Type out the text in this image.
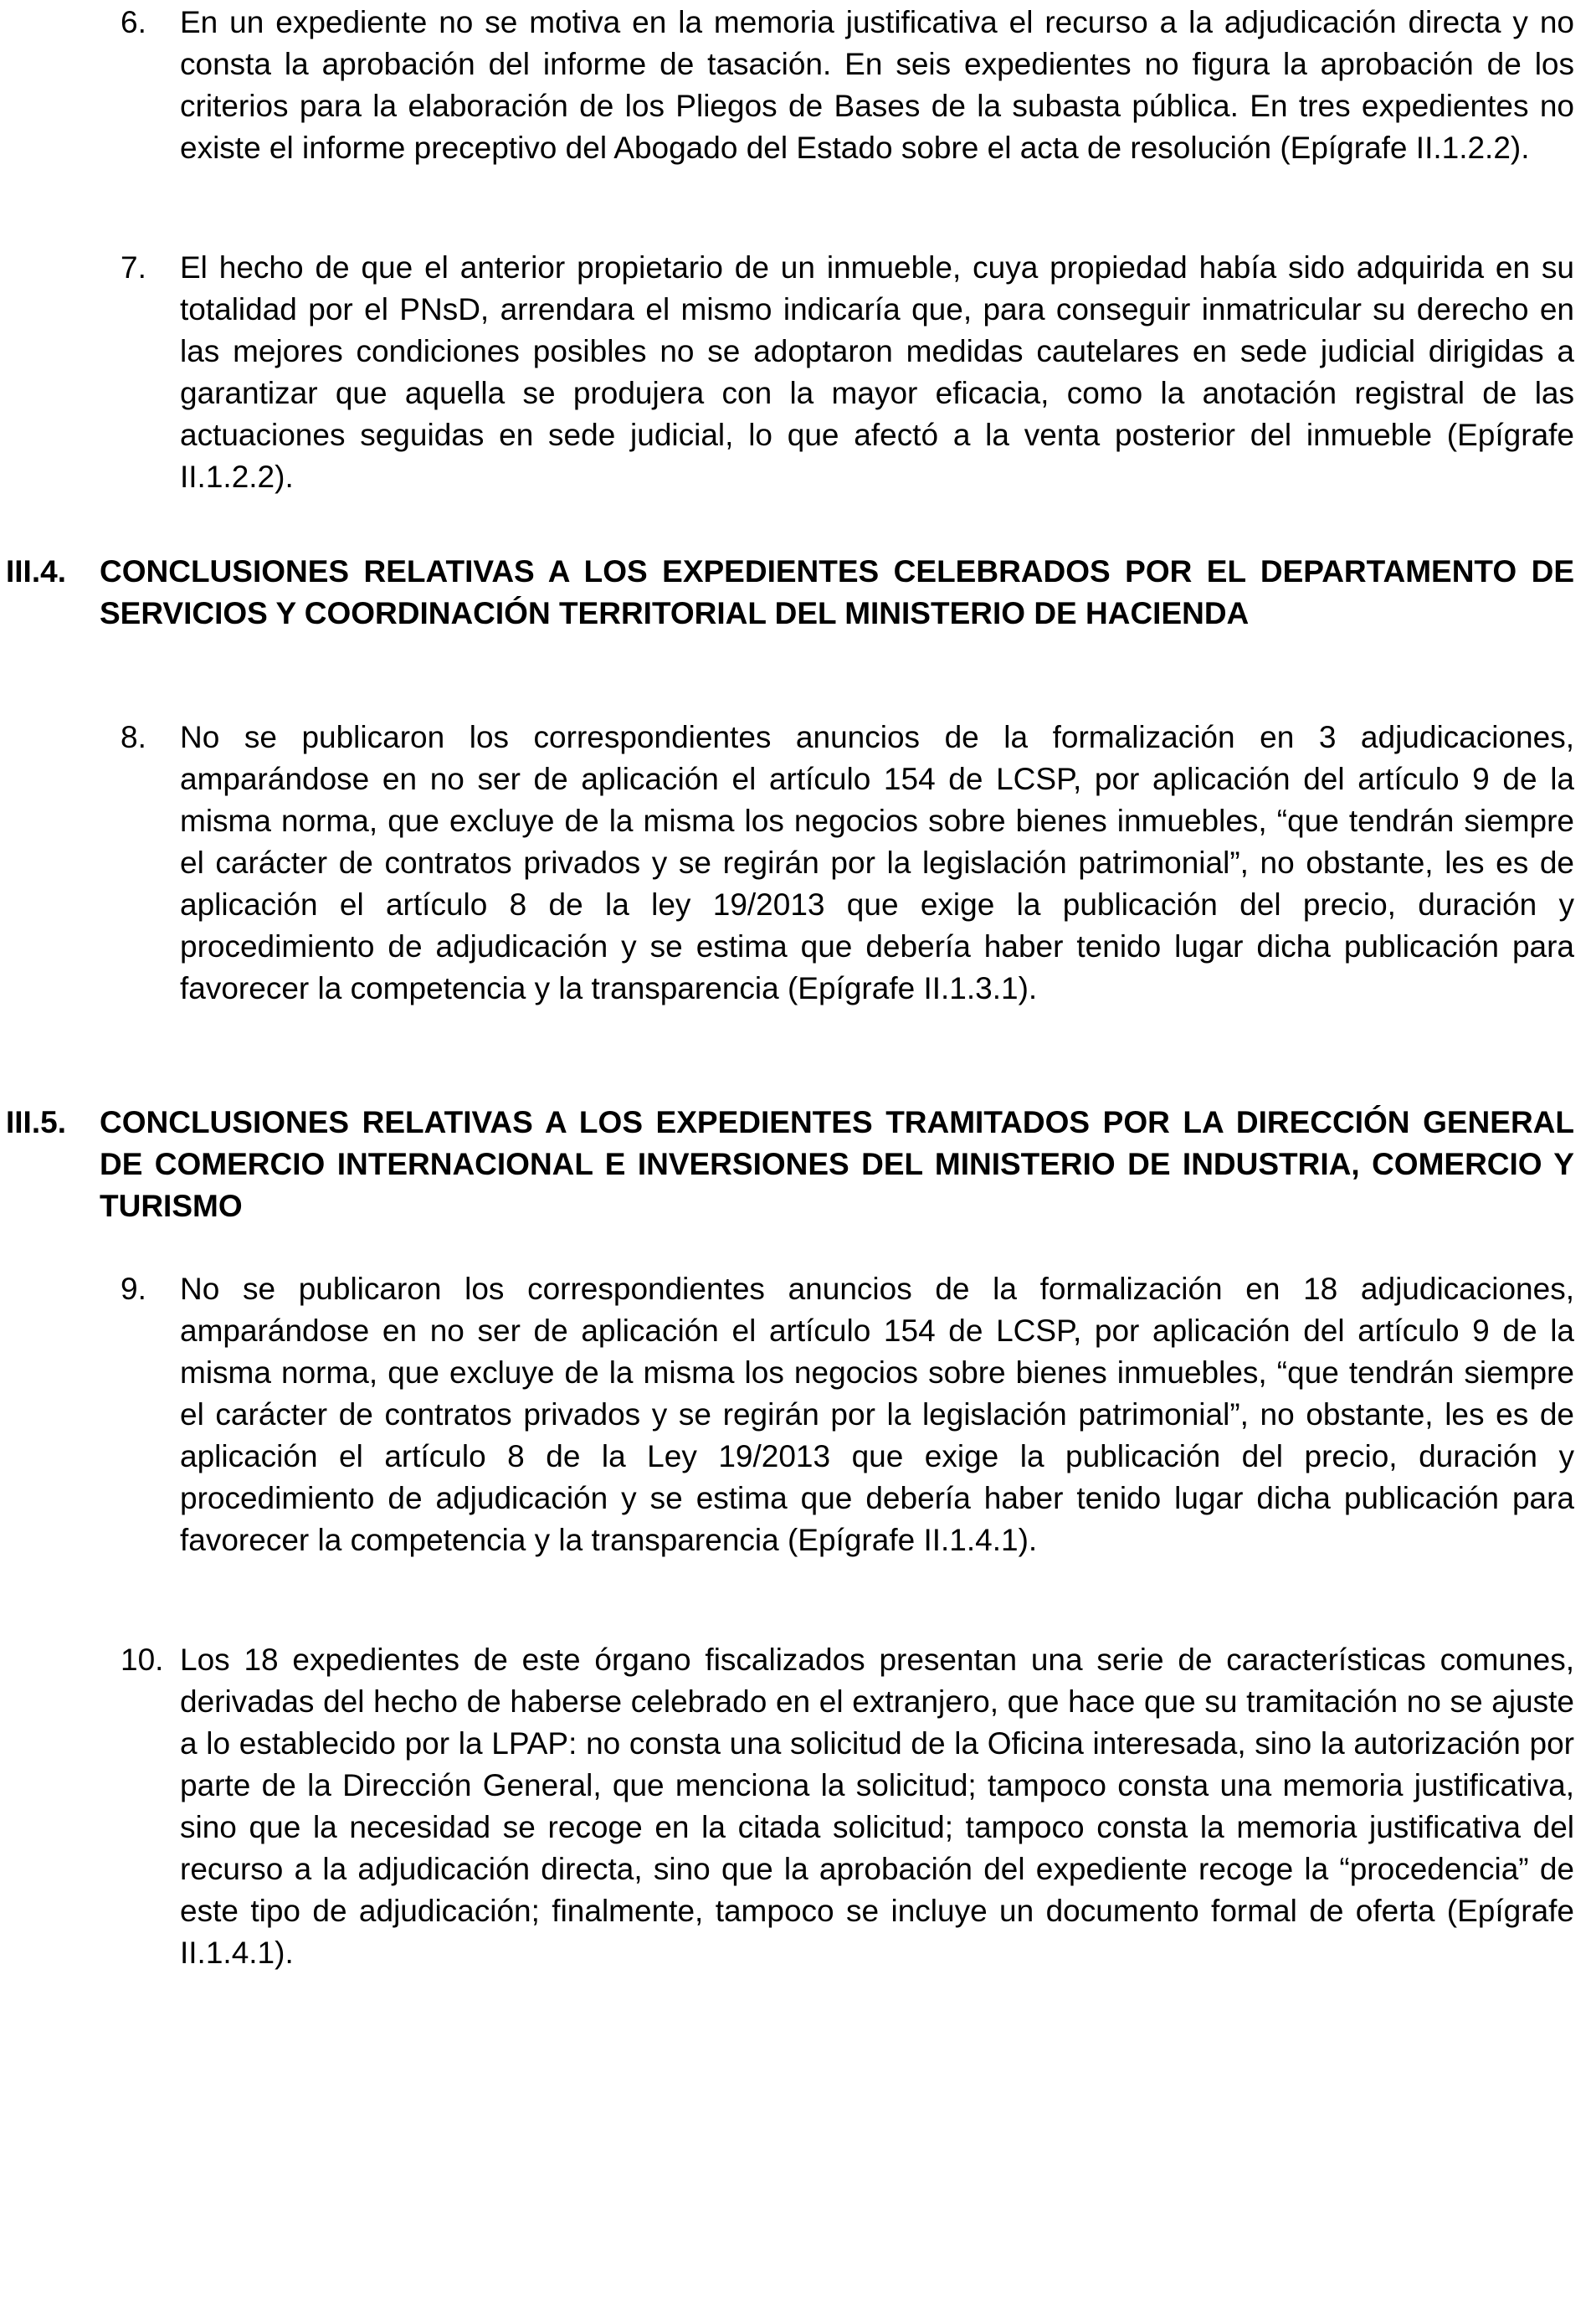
6. En un expediente no se motiva en la memoria justificativa el recurso a la adjudicación directa y no consta la aprobación del informe de tasación. En seis expedientes no figura la aprobación de los criterios para la elaboración de los Pliegos de Bases de la subasta pública. En tres expedientes no existe el informe preceptivo del Abogado del Estado sobre el acta de resolución (Epígrafe II.1.2.2).
7. El hecho de que el anterior propietario de un inmueble, cuya propiedad había sido adquirida en su totalidad por el PNsD, arrendara el mismo indicaría que, para conseguir inmatricular su derecho en las mejores condiciones posibles no se adoptaron medidas cautelares en sede judicial dirigidas a garantizar que aquella se produjera con la mayor eficacia, como la anotación registral de las actuaciones seguidas en sede judicial, lo que afectó a la venta posterior del inmueble (Epígrafe II.1.2.2).
III.4. CONCLUSIONES RELATIVAS A LOS EXPEDIENTES CELEBRADOS POR EL DEPARTAMENTO DE SERVICIOS Y COORDINACIÓN TERRITORIAL DEL MINISTERIO DE HACIENDA
8. No se publicaron los correspondientes anuncios de la formalización en 3 adjudicaciones, amparándose en no ser de aplicación el artículo 154 de LCSP, por aplicación del artículo 9 de la misma norma, que excluye de la misma los negocios sobre bienes inmuebles, “que tendrán siempre el carácter de contratos privados y se regirán por la legislación patrimonial”, no obstante, les es de aplicación el artículo 8 de la ley 19/2013 que exige la publicación del precio, duración y procedimiento de adjudicación y se estima que debería haber tenido lugar dicha publicación para favorecer la competencia y la transparencia (Epígrafe II.1.3.1).
III.5. CONCLUSIONES RELATIVAS A LOS EXPEDIENTES TRAMITADOS POR LA DIRECCIÓN GENERAL DE COMERCIO INTERNACIONAL E INVERSIONES DEL MINISTERIO DE INDUSTRIA, COMERCIO Y TURISMO
9. No se publicaron los correspondientes anuncios de la formalización en 18 adjudicaciones, amparándose en no ser de aplicación el artículo 154 de LCSP, por aplicación del artículo 9 de la misma norma, que excluye de la misma los negocios sobre bienes inmuebles, “que tendrán siempre el carácter de contratos privados y se regirán por la legislación patrimonial”, no obstante, les es de aplicación el artículo 8 de la Ley 19/2013 que exige la publicación del precio, duración y procedimiento de adjudicación y se estima que debería haber tenido lugar dicha publicación para favorecer la competencia y la transparencia (Epígrafe II.1.4.1).
10. Los 18 expedientes de este órgano fiscalizados presentan una serie de características comunes, derivadas del hecho de haberse celebrado en el extranjero, que hace que su tramitación no se ajuste a lo establecido por la LPAP: no consta una solicitud de la Oficina interesada, sino la autorización por parte de la Dirección General, que menciona la solicitud; tampoco consta una memoria justificativa, sino que la necesidad se recoge en la citada solicitud; tampoco consta la memoria justificativa del recurso a la adjudicación directa, sino que la aprobación del expediente recoge la “procedencia” de este tipo de adjudicación; finalmente, tampoco se incluye un documento formal de oferta (Epígrafe II.1.4.1).
